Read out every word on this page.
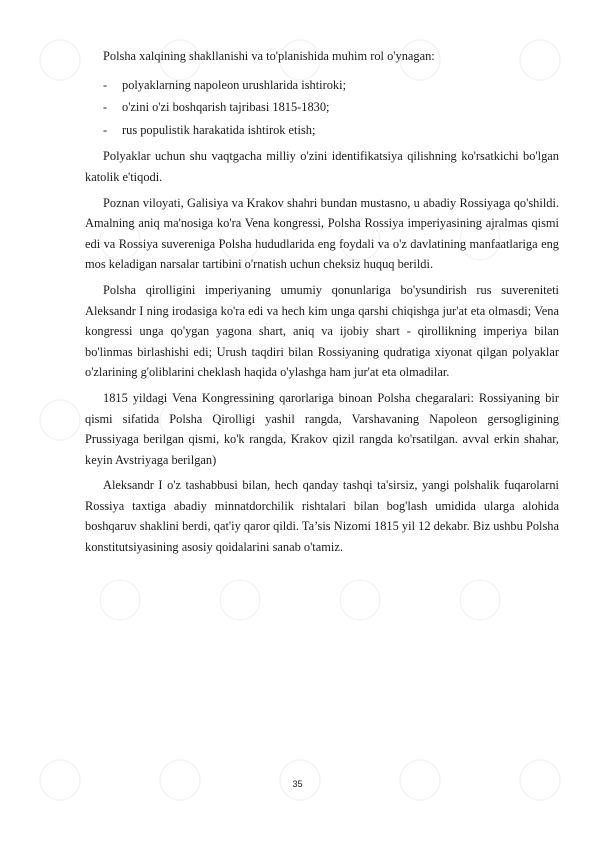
Polsha xalqining shakllanishi va to'planishida muhim rol o'ynagan:

- polyaklarning napoleon urushlarida ishtiroki;
- o'zini o'zi boshqarish tajribasi 1815-1830;
- rus populistik harakatida ishtirok etish;

Polyaklar uchun shu vaqtgacha milliy o'zini identifikatsiya qilishning ko'rsatkichi bo'lgan katolik e'tiqodi.

Poznan viloyati, Galisiya va Krakov shahri bundan mustasno, u abadiy Rossiyaga qo'shildi. Amalning aniq ma'nosiga ko'ra Vena kongressi, Polsha Rossiya imperiyasining ajralmas qismi edi va Rossiya suvereniga Polsha hududlarida eng foydali va o'z davlatining manfaatlariga eng mos keladigan narsalar tartibini o'rnatish uchun cheksiz huquq berildi.

Polsha qirolligini imperiyaning umumiy qonunlariga bo'ysundirish rus suvereniteti Aleksandr I ning irodasiga ko'ra edi va hech kim unga qarshi chiqishga jur'at eta olmasdi; Vena kongressi unga qo'ygan yagona shart, aniq va ijobiy shart - qirollikning imperiya bilan bo'linmas birlashishi edi; Urush taqdiri bilan Rossiyaning qudratiga xiyonat qilgan polyaklar o'zlarining g'oliblarini cheklash haqida o'ylashga ham jur'at eta olmadilar.

1815 yildagi Vena Kongressining qarorlariga binoan Polsha chegaralari: Rossiyaning bir qismi sifatida Polsha Qirolligi yashil rangda, Varshavaning Napoleon gersogligining Prussiyaga berilgan qismi, ko'k rangda, Krakov qizil rangda ko'rsatilgan. avval erkin shahar, keyin Avstriyaga berilgan)

Aleksandr I o'z tashabbusi bilan, hech qanday tashqi ta'sirsiz, yangi polshalik fuqarolarni Rossiya taxtiga abadiy minnatdorchilik rishtalari bilan bog'lash umidida ularga alohida boshqaruv shaklini berdi, qat'iy qaror qildi. Ta’sis Nizomi 1815 yil 12 dekabr. Biz ushbu Polsha konstitutsiyasining asosiy qoidalarini sanab o'tamiz.

35
